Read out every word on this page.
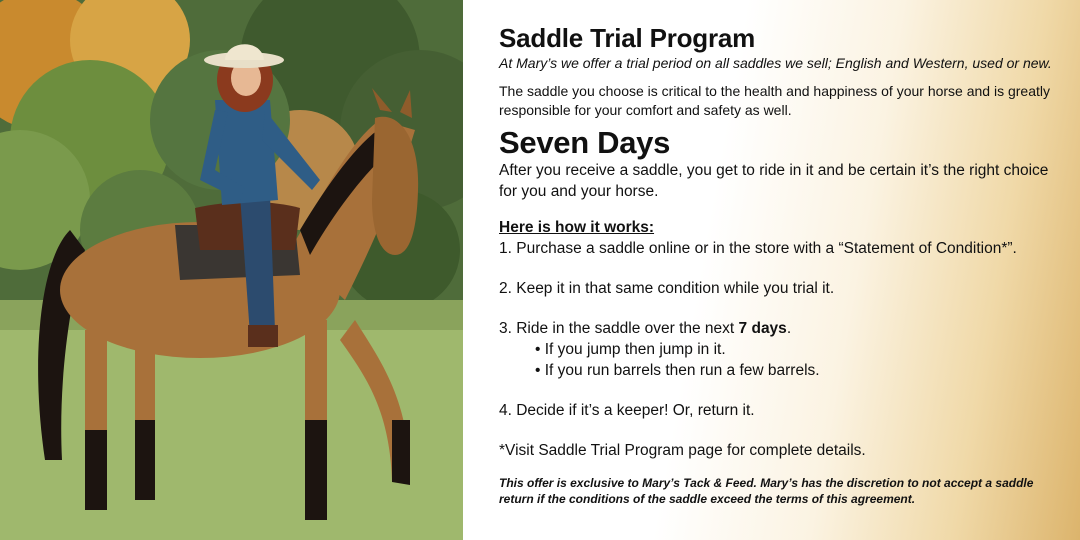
Saddle Trial Program

At Mary’s we offer a trial period on all saddles we sell; English and Western, used or new.

The saddle you choose is critical to the health and happiness of your horse and is greatly responsible for your comfort and safety as well.

Seven Days

After you receive a saddle, you get to ride in it and be certain it’s the right choice for you and your horse.

Here is how it works:

1. Purchase a saddle online or in the store with a “Statement of Condition*”.

2. Keep it in that same condition while you trial it.

3. Ride in the saddle over the next 7 days.

• If you jump then jump in it.

• If you run barrels then run a few barrels.

4. Decide if it’s a keeper! Or, return it.

*Visit Saddle Trial Program page for complete details.

This offer is exclusive to Mary’s Tack & Feed. Mary’s has the discretion to not accept a saddle return if the conditions of the saddle exceed the terms of this agreement.
